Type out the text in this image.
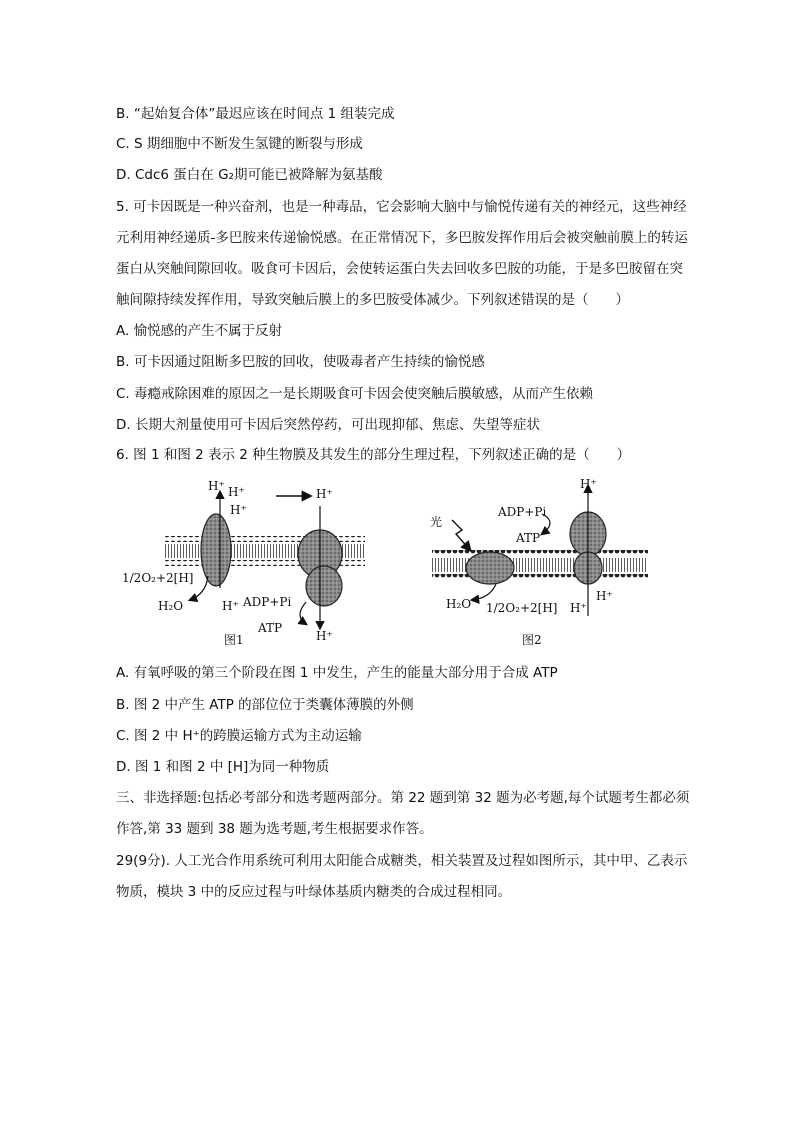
B. “起始复合体”最迟应该在时间点 1 组装完成
C. S 期细胞中不断发生氢键的断裂与形成
D. Cdc6 蛋白在 G₂期可能已被降解为氨基酸
5. 可卡因既是一种兴奋剂，也是一种毒品，它会影响大脑中与愉悦传递有关的神经元，这些神经
元利用神经递质-多巴胺来传递愉悦感。在正常情况下，多巴胺发挥作用后会被突触前膜上的转运
蛋白从突触间隙回收。吸食可卡因后，会使转运蛋白失去回收多巴胺的功能，于是多巴胺留在突
触间隙持续发挥作用，导致突触后膜上的多巴胺受体减少。下列叙述错误的是（　　）
A. 愉悦感的产生不属于反射
B. 可卡因通过阻断多巴胺的回收，使吸毒者产生持续的愉悦感
C. 毒瘾戒除困难的原因之一是长期吸食可卡因会使突触后膜敏感，从而产生依赖
D. 长期大剂量使用可卡因后突然停药，可出现抑郁、焦虑、失望等症状
6. 图 1 和图 2 表示 2 种生物膜及其发生的部分生理过程，下列叙述正确的是（　　）
H⁺ H⁺	H⁺
H⁺
1/2O₂+2[H]
H₂O	H⁺ ADP+Pi
ATP
H⁺
图1
H⁺
光
ADP+Pi
ATP
H₂O 1/2O₂+2[H]
H⁺
H⁺
图2
A. 有氧呼吸的第三个阶段在图 1 中发生，产生的能量大部分用于合成 ATP
B. 图 2 中产生 ATP 的部位位于类囊体薄膜的外侧
C. 图 2 中 H⁺的跨膜运输方式为主动运输
D. 图 1 和图 2 中 [H]为同一种物质
三、非选择题:包括必考部分和选考题两部分。第 22 题到第 32 题为必考题,每个试题考生都必须
作答,第 33 题到 38 题为选考题,考生根据要求作答。
29(9分). 人工光合作用系统可利用太阳能合成糖类，相关装置及过程如图所示，其中甲、乙表示
物质，模块 3 中的反应过程与叶绿体基质内糖类的合成过程相同。
